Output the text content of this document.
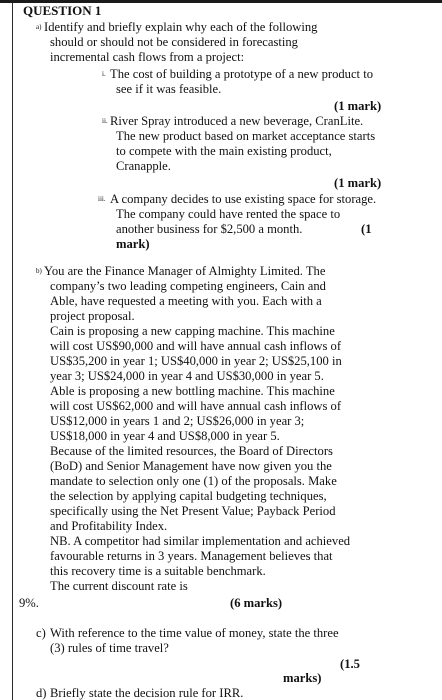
QUESTION 1
a) Identify and briefly explain why each of the following
should or should not be considered in forecasting
incremental cash flows from a project:
i. The cost of building a prototype of a new product to
see if it was feasible.
(1 mark)
ii. River Spray introduced a new beverage, CranLite.
The new product based on market acceptance starts
to compete with the main existing product,
Cranapple.
(1 mark)
iii. A company decides to use existing space for storage.
The company could have rented the space to
another business for $2,500 a month.	(1
mark)
b) You are the Finance Manager of Almighty Limited. The
company’s two leading competing engineers, Cain and
Able, have requested a meeting with you. Each with a
project proposal.
Cain is proposing a new capping machine. This machine
will cost US$90,000 and will have annual cash inflows of
US$35,200 in year 1; US$40,000 in year 2; US$25,100 in
year 3; US$24,000 in year 4 and US$30,000 in year 5.
Able is proposing a new bottling machine. This machine
will cost US$62,000 and will have annual cash inflows of
US$12,000 in years 1 and 2; US$26,000 in year 3;
US$18,000 in year 4 and US$8,000 in year 5.
Because of the limited resources, the Board of Directors
(BoD) and Senior Management have now given you the
mandate to selection only one (1) of the proposals. Make
the selection by applying capital budgeting techniques,
specifically using the Net Present Value; Payback Period
and Profitability Index.
NB. A competitor had similar implementation and achieved
favourable returns in 3 years. Management believes that
this recovery time is a suitable benchmark.
The current discount rate is
9%.	(6 marks)
c) With reference to the time value of money, state the three
(3) rules of time travel?
(1.5
marks)
d) Briefly state the decision rule for IRR.
